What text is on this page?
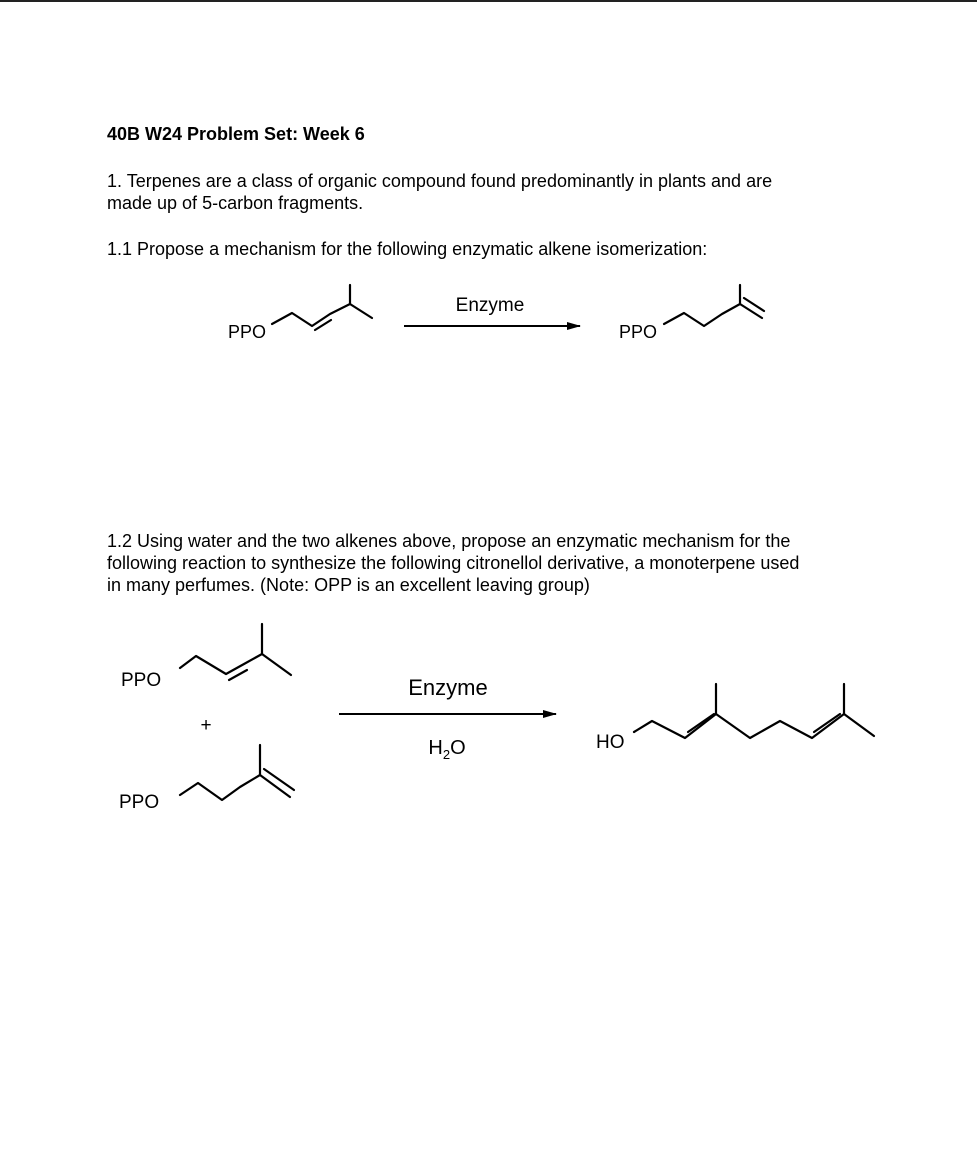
40B W24 Problem Set: Week 6

1. Terpenes are a class of organic compound found predominantly in plants and are
made up of 5-carbon fragments.

1.1 Propose a mechanism for the following enzymatic alkene isomerization:

PPO
Enzyme
PPO
PPO
+
PPO
Enzyme
$H_2O$	HO

1.2 Using water and the two alkenes above, propose an enzymatic mechanism for the
following reaction to synthesize the following citronellol derivative, a monoterpene used
in many perfumes. (Note: OPP is an excellent leaving group)
